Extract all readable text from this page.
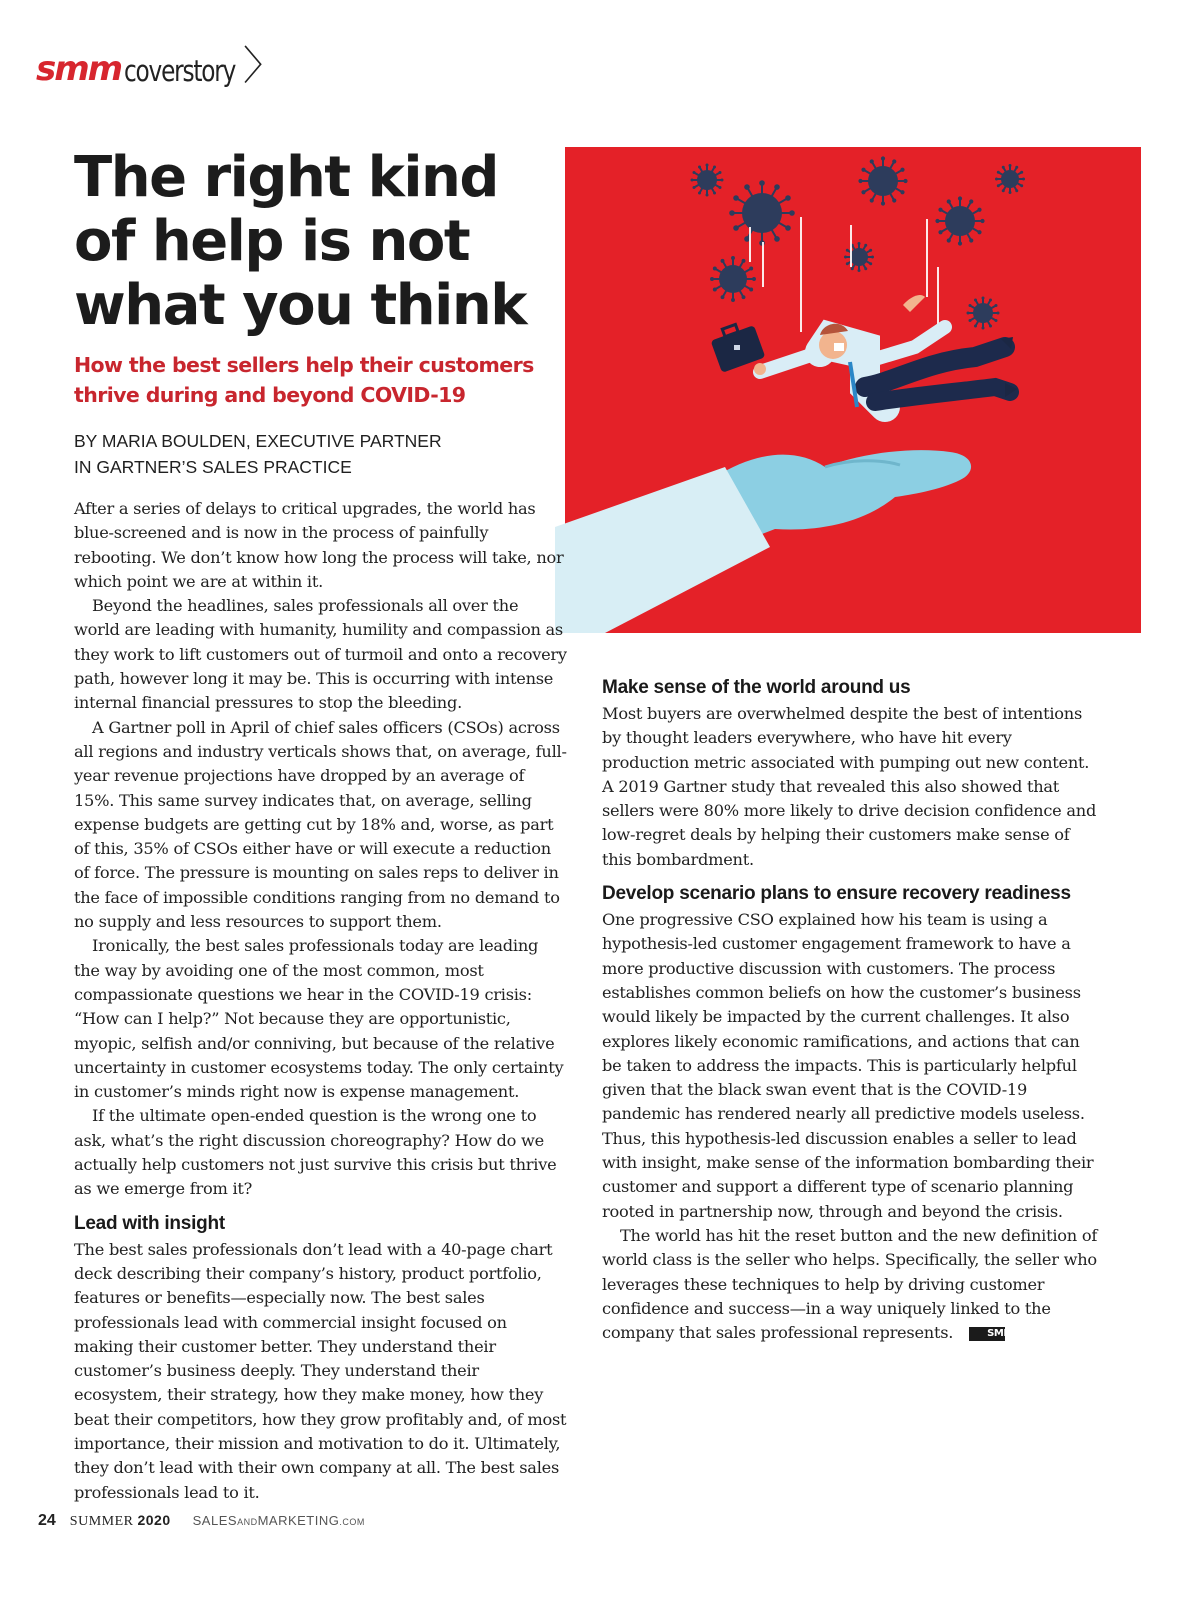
smm coverstory 〉
The right kind of help is not what you think
How the best sellers help their customers thrive during and beyond COVID-19
BY MARIA BOULDEN, EXECUTIVE PARTNER
IN GARTNER’S SALES PRACTICE

After a series of delays to critical upgrades, the world has blue-screened and is now in the process of painfully rebooting. We don’t know how long the process will take, nor which point we are at within it.

Beyond the headlines, sales professionals all over the world are leading with humanity, humility and compassion as they work to lift customers out of turmoil and onto a recovery path, however long it may be. This is occurring with intense internal financial pressures to stop the bleeding.

A Gartner poll in April of chief sales officers (CSOs) across all regions and industry verticals shows that, on average, full-year revenue projections have dropped by an average of 15%. This same survey indicates that, on average, selling expense budgets are getting cut by 18% and, worse, as part of this, 35% of CSOs either have or will execute a reduction of force. The pressure is mounting on sales reps to deliver in the face of impossible conditions ranging from no demand to no supply and less resources to support them.

Ironically, the best sales professionals today are leading the way by avoiding one of the most common, most compassionate questions we hear in the COVID-19 crisis: “How can I help?” Not because they are opportunistic, myopic, selfish and/or conniving, but because of the relative uncertainty in customer ecosystems today. The only certainty in customer’s minds right now is expense management.

If the ultimate open-ended question is the wrong one to ask, what’s the right discussion choreography? How do we actually help customers not just survive this crisis but thrive as we emerge from it?

Lead with insight

The best sales professionals don’t lead with a 40-page chart deck describing their company’s history, product portfolio, features or benefits—especially now. The best sales professionals lead with commercial insight focused on making their customer better. They understand their customer’s business deeply. They understand their ecosystem, their strategy, how they make money, how they beat their competitors, how they grow profitably and, of most importance, their mission and motivation to do it. Ultimately, they don’t lead with their own company at all. The best sales professionals lead to it.

Make sense of the world around us

Most buyers are overwhelmed despite the best of intentions by thought leaders everywhere, who have hit every production metric associated with pumping out new content. A 2019 Gartner study that revealed this also showed that sellers were 80% more likely to drive decision confidence and low-regret deals by helping their customers make sense of this bombardment.

Develop scenario plans to ensure recovery readiness

One progressive CSO explained how his team is using a hypothesis-led customer engagement framework to have a more productive discussion with customers. The process establishes common beliefs on how the customer’s business would likely be impacted by the current challenges. It also explores likely economic ramifications, and actions that can be taken to address the impacts. This is particularly helpful given that the black swan event that is the COVID-19 pandemic has rendered nearly all predictive models useless. Thus, this hypothesis-led discussion enables a seller to lead with insight, make sense of the information bombarding their customer and support a different type of scenario planning rooted in partnership now, through and beyond the crisis.

The world has hit the reset button and the new definition of world class is the seller who helps. Specifically, the seller who leverages these techniques to help by driving customer confidence and success—in a way uniquely linked to the company that sales professional represents.	SMM

24 SUMMER 2020 SALESANDMARKETING.COM
